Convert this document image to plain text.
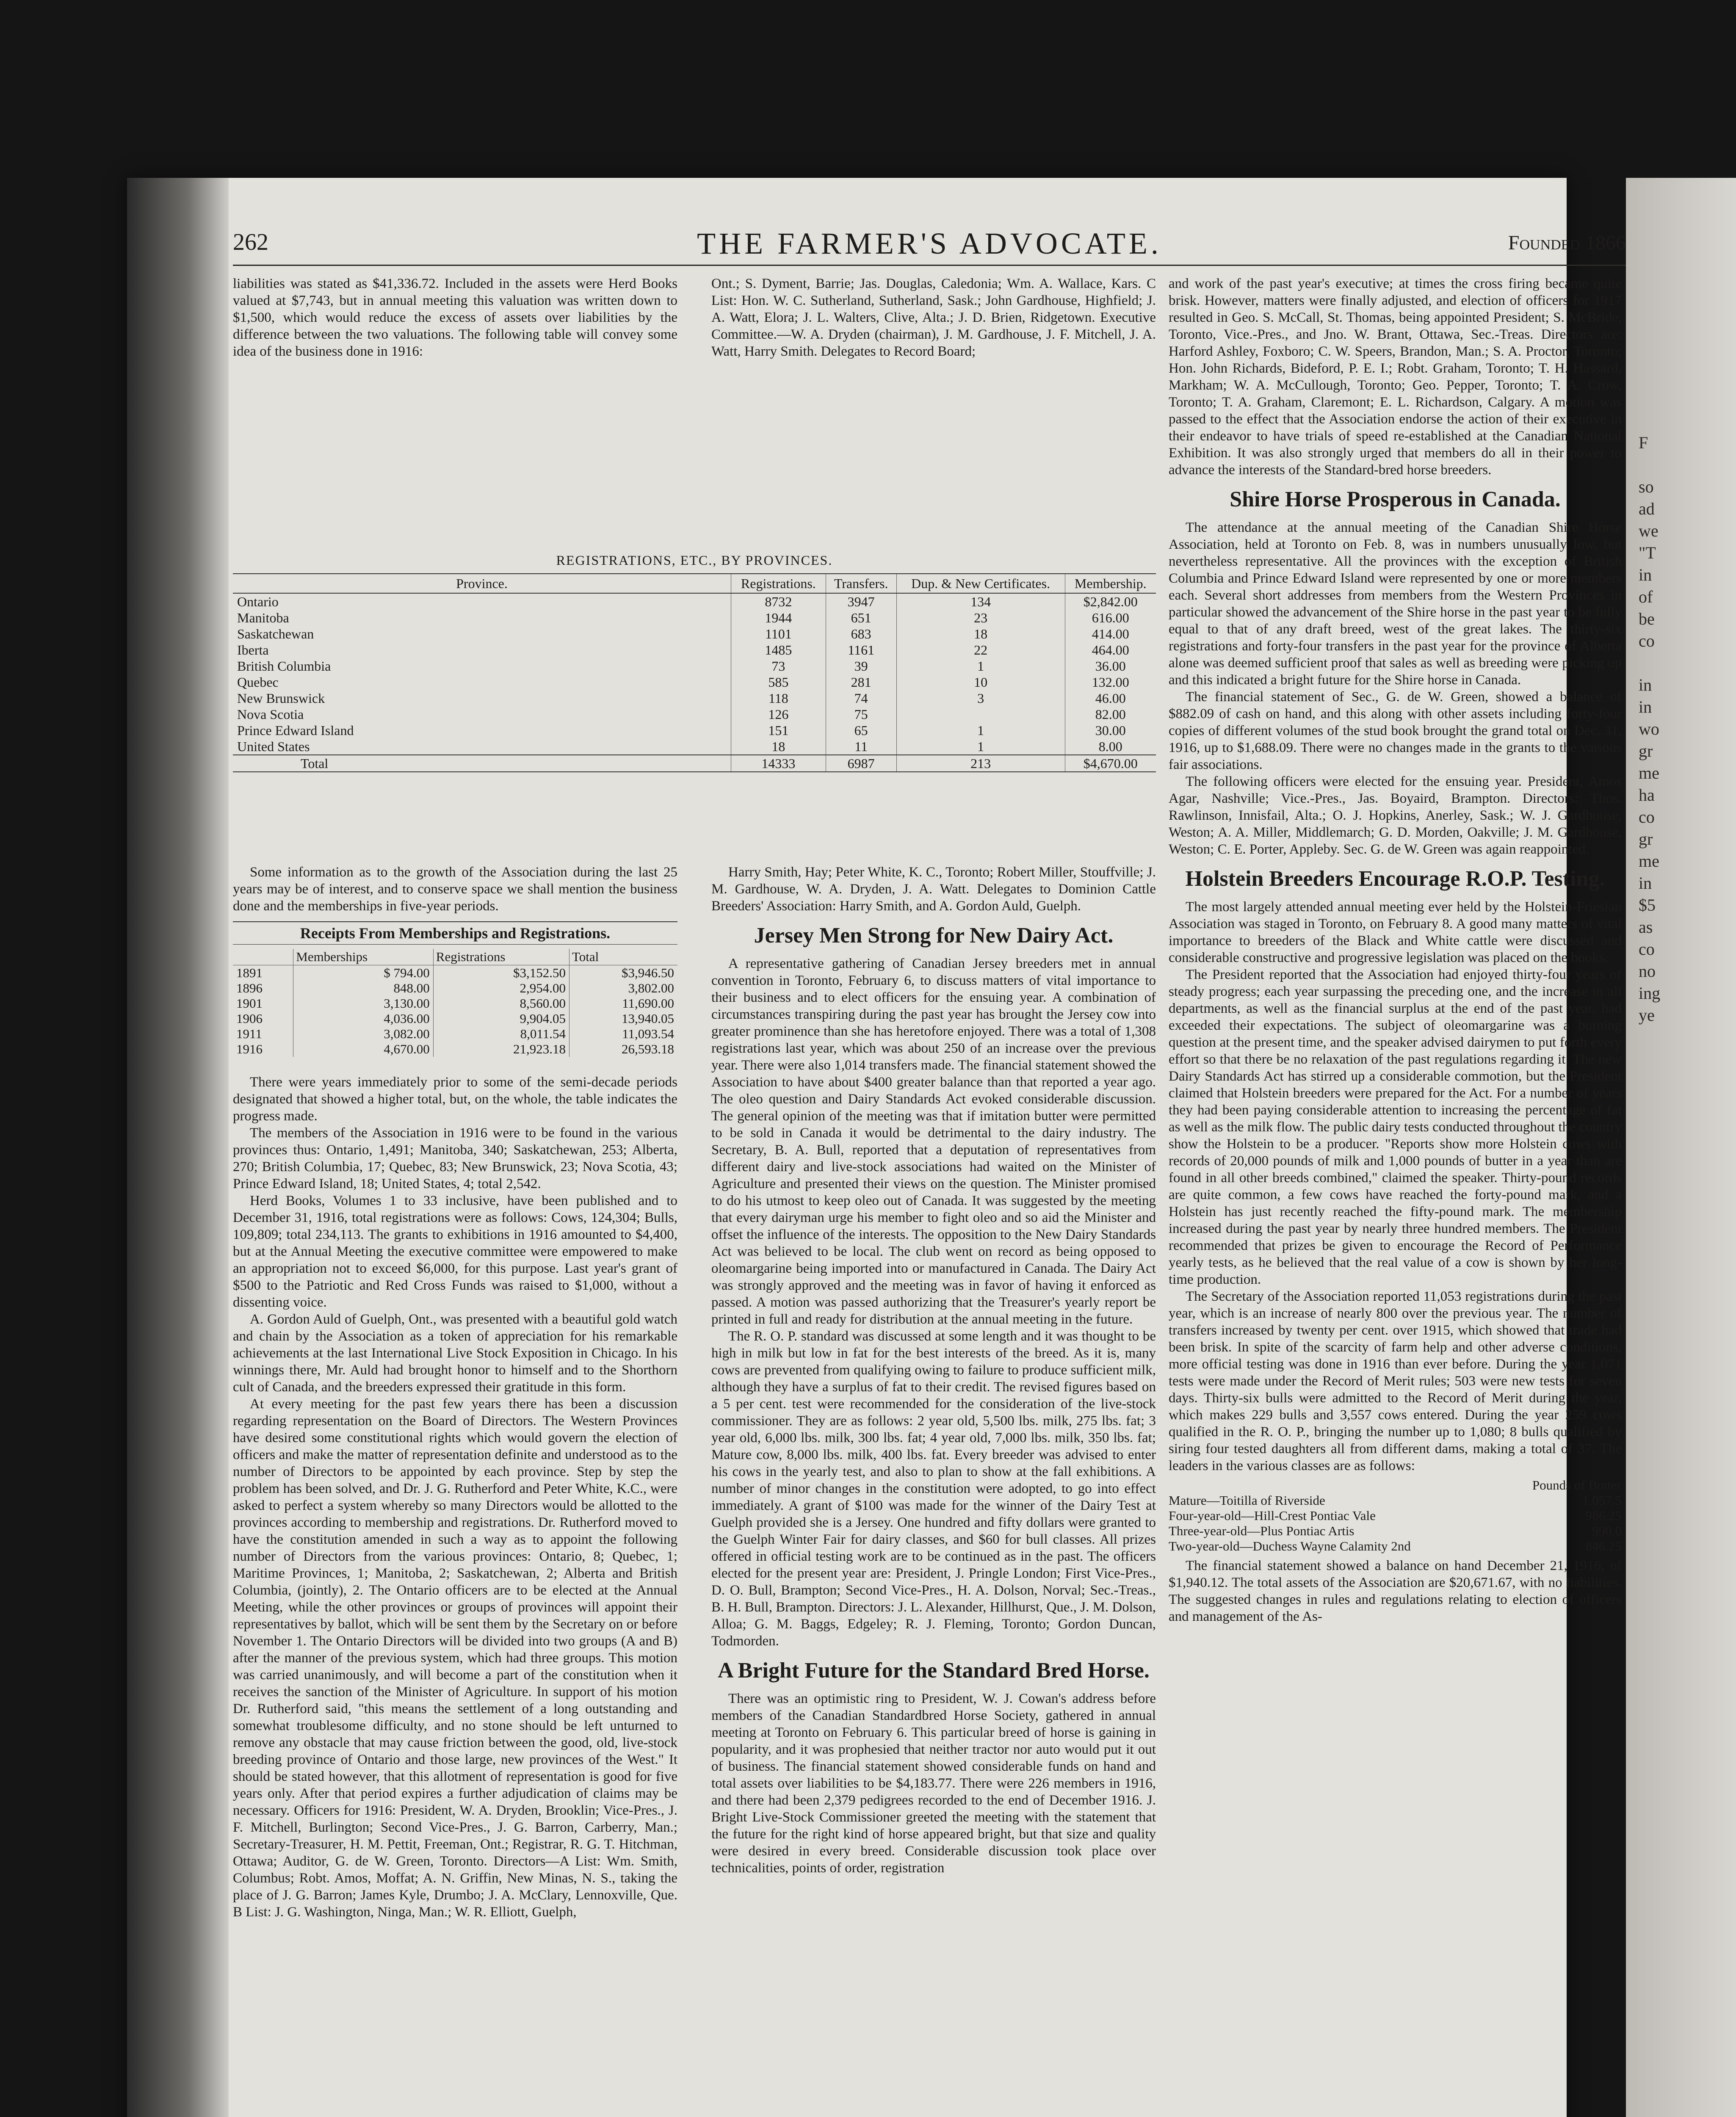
262	THE FARMER'S ADVOCATE.	Founded 1866

liabilities was stated as $41,336.72. Included in the assets were Herd Books valued at $7,743, but in annual meeting this valuation was written down to $1,500, which would reduce the excess of assets over liabilities by the difference between the two valuations. The following table will convey some idea of the business done in 1916:

Ont.; S. Dyment, Barrie; Jas. Douglas, Caledonia; Wm. A. Wallace, Kars. C List: Hon. W. C. Sutherland, Sutherland, Sask.; John Gardhouse, Highfield; J. A. Watt, Elora; J. L. Walters, Clive, Alta.; J. D. Brien, Ridgetown. Executive Committee.—W. A. Dryden (chairman), J. M. Gardhouse, J. F. Mitchell, J. A. Watt, Harry Smith. Delegates to Record Board;

REGISTRATIONS, ETC., BY PROVINCES.
Province.	Registrations.	Transfers.	Dup. & New Certificates.	Membership.
Ontario	8732	3947	134	$2,842.00
Manitoba	1944	651	23	616.00
Saskatchewan	1101	683	18	414.00
Iberta	1485	1161	22	464.00
British Columbia	73	39	1	36.00
Quebec	585	281	10	132.00
New Brunswick	118	74	3	46.00
Nova Scotia	126	75		82.00
Prince Edward Island	151	65	1	30.00
United States	18	11	1	8.00
Total	14333	6987	213	$4,670.00

Some information as to the growth of the Association during the last 25 years may be of interest, and to conserve space we shall mention the business done and the memberships in five-year periods.

Receipts From Memberships and Registrations.
	Memberships	Registrations	Total
1891	$ 794.00	$3,152.50	$3,946.50
1896	848.00	2,954.00	3,802.00
1901	3,130.00	8,560.00	11,690.00
1906	4,036.00	9,904.05	13,940.05
1911	3,082.00	8,011.54	11,093.54
1916	4,670.00	21,923.18	26,593.18

There were years immediately prior to some of the semi-decade periods designated that showed a higher total, but, on the whole, the table indicates the progress made.

The members of the Association in 1916 were to be found in the various provinces thus: Ontario, 1,491; Manitoba, 340; Saskatchewan, 253; Alberta, 270; British Columbia, 17; Quebec, 83; New Brunswick, 23; Nova Scotia, 43; Prince Edward Island, 18; United States, 4; total 2,542.

Herd Books, Volumes 1 to 33 inclusive, have been published and to December 31, 1916, total registrations were as follows: Cows, 124,304; Bulls, 109,809; total 234,113. The grants to exhibitions in 1916 amounted to $4,400, but at the Annual Meeting the executive committee were empowered to make an appropriation not to exceed $6,000, for this purpose. Last year's grant of $500 to the Patriotic and Red Cross Funds was raised to $1,000, without a dissenting voice.

A. Gordon Auld of Guelph, Ont., was presented with a beautiful gold watch and chain by the Association as a token of appreciation for his remarkable achievements at the last International Live Stock Exposition in Chicago. In his winnings there, Mr. Auld had brought honor to himself and to the Shorthorn cult of Canada, and the breeders expressed their gratitude in this form.

At every meeting for the past few years there has been a discussion regarding representation on the Board of Directors. The Western Provinces have desired some constitutional rights which would govern the election of officers and make the matter of representation definite and understood as to the number of Directors to be appointed by each province. Step by step the problem has been solved, and Dr. J. G. Rutherford and Peter White, K.C., were asked to perfect a system whereby so many Directors would be allotted to the provinces according to membership and registrations. Dr. Rutherford moved to have the constitution amended in such a way as to appoint the following number of Directors from the various provinces: Ontario, 8; Quebec, 1; Maritime Provinces, 1; Manitoba, 2; Saskatchewan, 2; Alberta and British Columbia, (jointly), 2. The Ontario officers are to be elected at the Annual Meeting, while the other provinces or groups of provinces will appoint their representatives by ballot, which will be sent them by the Secretary on or before November 1. The Ontario Directors will be divided into two groups (A and B) after the manner of the previous system, which had three groups. This motion was carried unanimously, and will become a part of the constitution when it receives the sanction of the Minister of Agriculture. In support of his motion Dr. Rutherford said, "this means the settlement of a long outstanding and somewhat troublesome difficulty, and no stone should be left unturned to remove any obstacle that may cause friction between the good, old, live-stock breeding province of Ontario and those large, new provinces of the West." It should be stated however, that this allotment of representation is good for five years only. After that period expires a further adjudication of claims may be necessary. Officers for 1916: President, W. A. Dryden, Brooklin; Vice-Pres., J. F. Mitchell, Burlington; Second Vice-Pres., J. G. Barron, Carberry, Man.; Secretary-Treasurer, H. M. Pettit, Freeman, Ont.; Registrar, R. G. T. Hitchman, Ottawa; Auditor, G. de W. Green, Toronto. Directors—A List: Wm. Smith, Columbus; Robt. Amos, Moffat; A. N. Griffin, New Minas, N. S., taking the place of J. G. Barron; James Kyle, Drumbo; J. A. McClary, Lennoxville, Que. B List: J. G. Washington, Ninga, Man.; W. R. Elliott, Guelph,

Harry Smith, Hay; Peter White, K. C., Toronto; Robert Miller, Stouffville; J. M. Gardhouse, W. A. Dryden, J. A. Watt. Delegates to Dominion Cattle Breeders' Association: Harry Smith, and A. Gordon Auld, Guelph.

Jersey Men Strong for New Dairy Act.

A representative gathering of Canadian Jersey breeders met in annual convention in Toronto, February 6, to discuss matters of vital importance to their business and to elect officers for the ensuing year. A combination of circumstances transpiring during the past year has brought the Jersey cow into greater prominence than she has heretofore enjoyed. There was a total of 1,308 registrations last year, which was about 250 of an increase over the previous year. There were also 1,014 transfers made. The financial statement showed the Association to have about $400 greater balance than that reported a year ago. The oleo question and Dairy Standards Act evoked considerable discussion. The general opinion of the meeting was that if imitation butter were permitted to be sold in Canada it would be detrimental to the dairy industry. The Secretary, B. A. Bull, reported that a deputation of representatives from different dairy and live-stock associations had waited on the Minister of Agriculture and presented their views on the question. The Minister promised to do his utmost to keep oleo out of Canada. It was suggested by the meeting that every dairyman urge his member to fight oleo and so aid the Minister and offset the influence of the interests. The opposition to the New Dairy Standards Act was believed to be local. The club went on record as being opposed to oleomargarine being imported into or manufactured in Canada. The Dairy Act was strongly approved and the meeting was in favor of having it enforced as passed. A motion was passed authorizing that the Treasurer's yearly report be printed in full and ready for distribution at the annual meeting in the future.

The R. O. P. standard was discussed at some length and it was thought to be high in milk but low in fat for the best interests of the breed. As it is, many cows are prevented from qualifying owing to failure to produce sufficient milk, although they have a surplus of fat to their credit. The revised figures based on a 5 per cent. test were recommended for the consideration of the live-stock commissioner. They are as follows: 2 year old, 5,500 lbs. milk, 275 lbs. fat; 3 year old, 6,000 lbs. milk, 300 lbs. fat; 4 year old, 7,000 lbs. milk, 350 lbs. fat; Mature cow, 8,000 lbs. milk, 400 lbs. fat. Every breeder was advised to enter his cows in the yearly test, and also to plan to show at the fall exhibitions. A number of minor changes in the constitution were adopted, to go into effect immediately. A grant of $100 was made for the winner of the Dairy Test at Guelph provided she is a Jersey. One hundred and fifty dollars were granted to the Guelph Winter Fair for dairy classes, and $60 for bull classes. All prizes offered in official testing work are to be continued as in the past. The officers elected for the present year are: President, J. Pringle London; First Vice-Pres., D. O. Bull, Brampton; Second Vice-Pres., H. A. Dolson, Norval; Sec.-Treas., B. H. Bull, Brampton. Directors: J. L. Alexander, Hillhurst, Que., J. M. Dolson, Alloa; G. M. Baggs, Edgeley; R. J. Fleming, Toronto; Gordon Duncan, Todmorden.

A Bright Future for the Standard Bred Horse.

There was an optimistic ring to President, W. J. Cowan's address before members of the Canadian Standardbred Horse Society, gathered in annual meeting at Toronto on February 6. This particular breed of horse is gaining in popularity, and it was prophesied that neither tractor nor auto would put it out of business. The financial statement showed considerable funds on hand and total assets over liabilities to be $4,183.77. There were 226 members in 1916, and there had been 2,379 pedigrees recorded to the end of December 1916. J. Bright Live-Stock Commissioner greeted the meeting with the statement that the future for the right kind of horse appeared bright, but that size and quality were desired in every breed. Considerable discussion took place over technicalities, points of order, registration

and work of the past year's executive; at times the cross firing became quite brisk. However, matters were finally adjusted, and election of officers for 1917 resulted in Geo. S. McCall, St. Thomas, being appointed President; S. McBride, Toronto, Vice.-Pres., and Jno. W. Brant, Ottawa, Sec.-Treas. Directors are: Harford Ashley, Foxboro; C. W. Speers, Brandon, Man.; S. A. Proctor, Toronto; Hon. John Richards, Bideford, P. E. I.; Robt. Graham, Toronto; T. H. Hassard, Markham; W. A. McCullough, Toronto; Geo. Pepper, Toronto; T. A. Crow, Toronto; T. A. Graham, Claremont; E. L. Richardson, Calgary. A motion was passed to the effect that the Association endorse the action of their executive in their endeavor to have trials of speed re-established at the Canadian National Exhibition. It was also strongly urged that members do all in their power to advance the interests of the Standard-bred horse breeders.

Shire Horse Prosperous in Canada.

The attendance at the annual meeting of the Canadian Shire Horse Association, held at Toronto on Feb. 8, was in numbers unusually low, but nevertheless representative. All the provinces with the exception of British Columbia and Prince Edward Island were represented by one or more members each. Several short addresses from members from the Western Provinces in particular showed the advancement of the Shire horse in the past year to be fully equal to that of any draft breed, west of the great lakes. The thirty-six registrations and forty-four transfers in the past year for the province of Alberta alone was deemed sufficient proof that sales as well as breeding were picking up and this indicated a bright future for the Shire horse in Canada.

The financial statement of Sec., G. de W. Green, showed a balance of $882.09 of cash on hand, and this along with other assets including forty-four copies of different volumes of the stud book brought the grand total on Dec. 31, 1916, up to $1,688.09. There were no changes made in the grants to the various fair associations.

The following officers were elected for the ensuing year. President, Amos Agar, Nashville; Vice.-Pres., Jas. Boyaird, Brampton. Directors: Thos. Rawlinson, Innisfail, Alta.; O. J. Hopkins, Anerley, Sask.; W. J. Gardhouse, Weston; A. A. Miller, Middlemarch; G. D. Morden, Oakville; J. M. Gardhouse, Weston; C. E. Porter, Appleby. Sec. G. de W. Green was again reappointed.

Holstein Breeders Encourage R.O.P. Testing.

The most largely attended annual meeting ever held by the Holstein-Friesian Association was staged in Toronto, on February 8. A good many matters of vital importance to breeders of the Black and White cattle were discussed and considerable constructive and progressive legislation was placed on the books.

The President reported that the Association had enjoyed thirty-four years of steady progress; each year surpassing the preceding one, and the increase in all departments, as well as the financial surplus at the end of the past year, had exceeded their expectations. The subject of oleomargarine was a burning question at the present time, and the speaker advised dairymen to put forth every effort so that there be no relaxation of the past regulations regarding it. The new Dairy Standards Act has stirred up a considerable commotion, but the President claimed that Holstein breeders were prepared for the Act. For a number of years they had been paying considerable attention to increasing the percentage of fat as well as the milk flow. The public dairy tests conducted throughout the country show the Holstein to be a producer. "Reports show more Holstein cows with records of 20,000 pounds of milk and 1,000 pounds of butter in a year than are found in all other breeds combined," claimed the speaker. Thirty-pound records are quite common, a few cows have reached the forty-pound mark, and a Holstein has just recently reached the fifty-pound mark. The membership increased during the past year by nearly three hundred members. The President recommended that prizes be given to encourage the Record of Performance yearly tests, as he believed that the real value of a cow is shown by her long-time production.

The Secretary of the Association reported 11,053 registrations during the past year, which is an increase of nearly 800 over the previous year. The number of transfers increased by twenty per cent. over 1915, which showed that trade had been brisk. In spite of the scarcity of farm help and other adverse conditions, more official testing was done in 1916 than ever before. During the year 1,071 tests were made under the Record of Merit rules; 503 were new tests for seven days. Thirty-six bulls were admitted to the Record of Merit during the year, which makes 229 bulls and 3,557 cows entered. During the year 259 cows qualified in the R. O. P., bringing the number up to 1,080; 8 bulls qualified by siring four tested daughters all from different dams, making a total of 37. The leaders in the various classes are as follows:

Pounds of Butter	
Mature—Toitilla of Riverside	1,057.5
Four-year-old—Hill-Crest Pontiac Vale	986.25
Three-year-old—Plus Pontiac Artis	990.0
Two-year-old—Duchess Wayne Calamity 2nd	846.25

The financial statement showed a balance on hand December 21, 1916, of $1,940.12. The total assets of the Association are $20,671.67, with no liabilities. The suggested changes in rules and regulations relating to election of officers and management of the As-

F

so
ad
we
"T
in
of
be
co

in
in
wo
gr
me
ha
co
gr
me
in
$5
as
co
no
ing
ye
